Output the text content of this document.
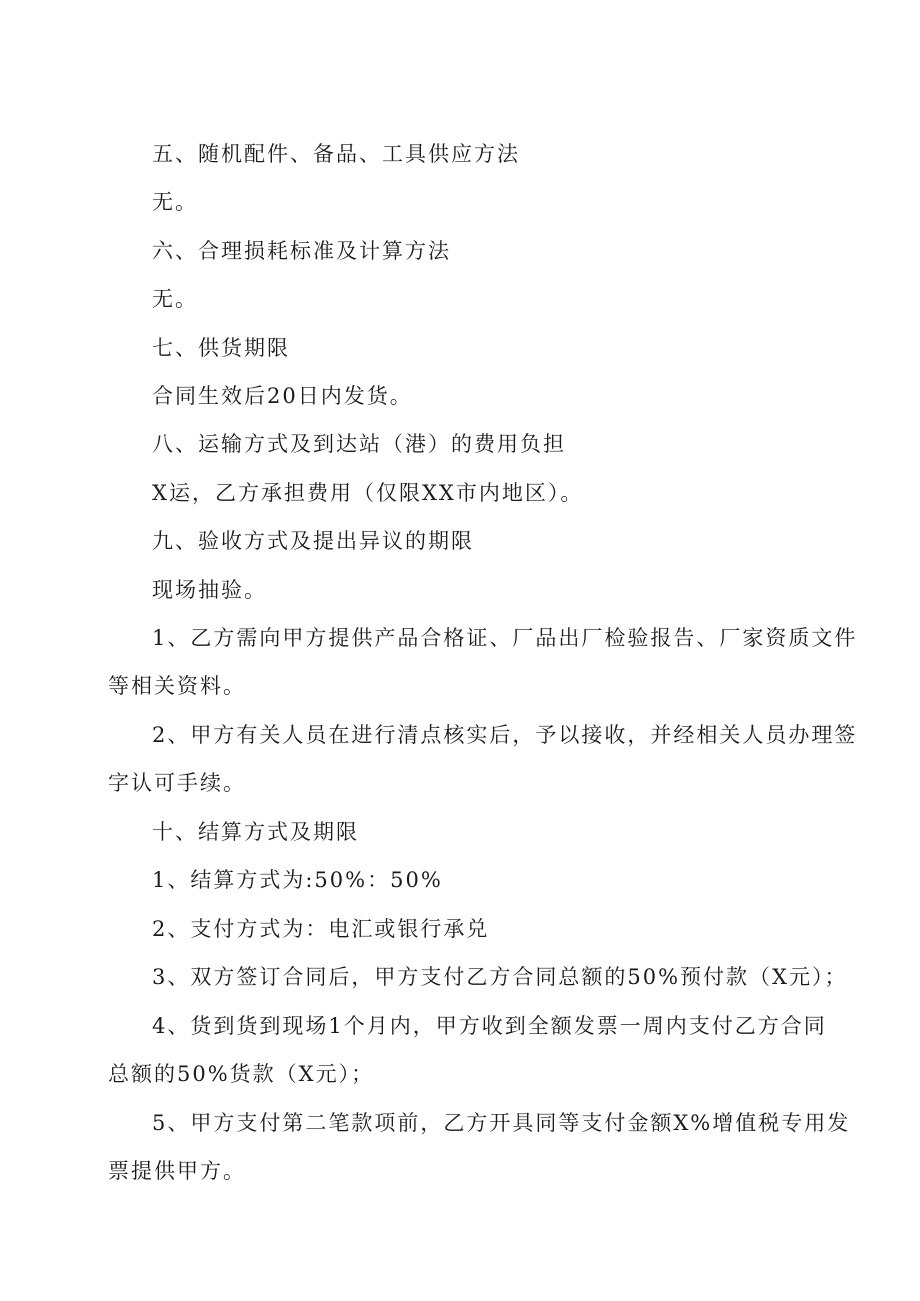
五、随机配件、备品、工具供应方法
无。
六、合理损耗标准及计算方法
无。
七、供货期限
合同生效后20日内发货。
八、运输方式及到达站（港）的费用负担
X运，乙方承担费用（仅限XX市内地区）。
九、验收方式及提出异议的期限
现场抽验。
1、乙方需向甲方提供产品合格证、厂品出厂检验报告、厂家资质文件
等相关资料。
2、甲方有关人员在进行清点核实后，予以接收，并经相关人员办理签
字认可手续。
十、结算方式及期限
1、结算方式为:50%：50%
2、支付方式为：电汇或银行承兑
3、双方签订合同后，甲方支付乙方合同总额的50%预付款（X元）；
4、货到货到现场1个月内，甲方收到全额发票一周内支付乙方合同
总额的50%货款（X元）；
5、甲方支付第二笔款项前，乙方开具同等支付金额X%增值税专用发
票提供甲方。
